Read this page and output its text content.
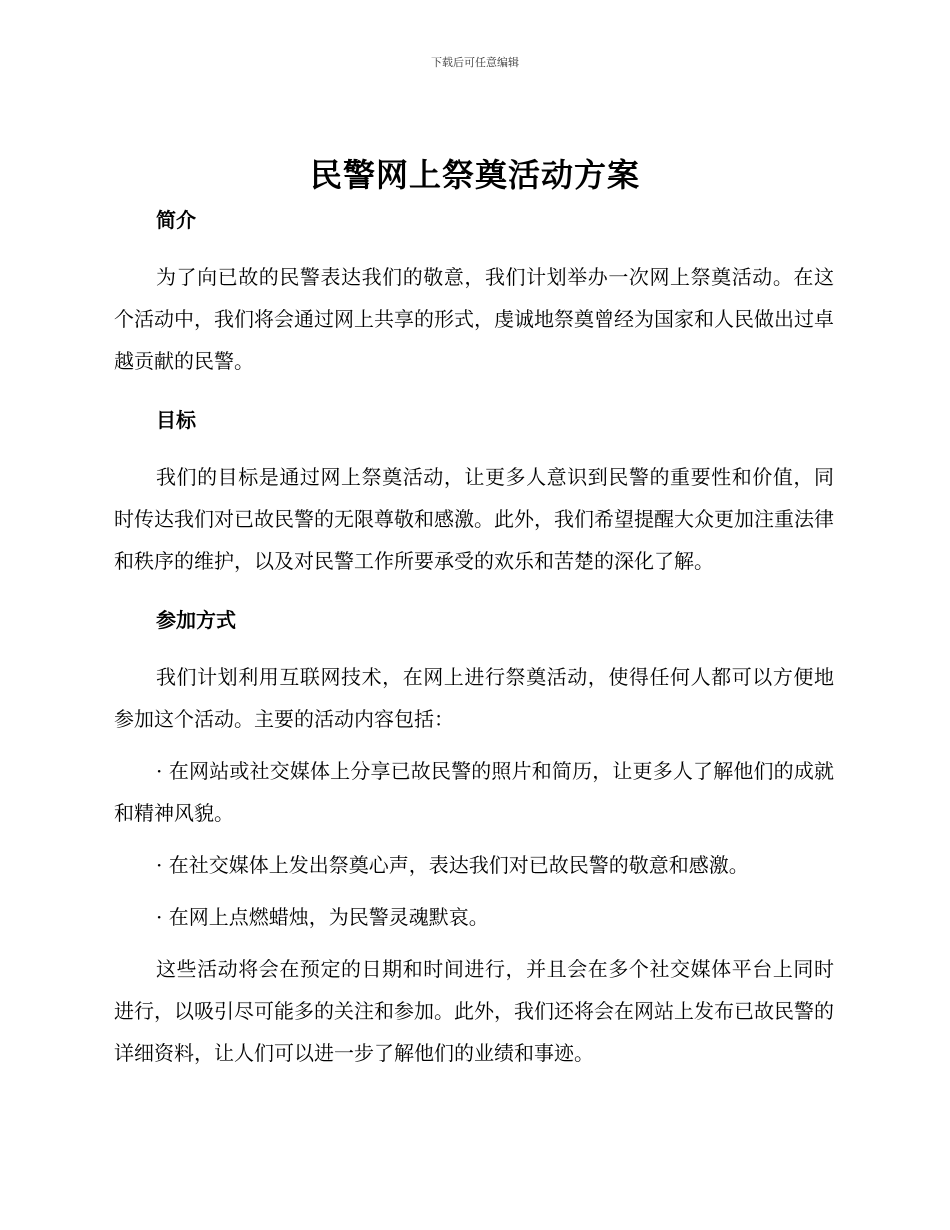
下载后可任意编辑
民警网上祭奠活动方案
简介

为了向已故的民警表达我们的敬意，我们计划举办一次网上祭奠活动。在这个活动中，我们将会通过网上共享的形式，虔诚地祭奠曾经为国家和人民做出过卓越贡献的民警。

目标

我们的目标是通过网上祭奠活动，让更多人意识到民警的重要性和价值，同时传达我们对已故民警的无限尊敬和感激。此外，我们希望提醒大众更加注重法律和秩序的维护，以及对民警工作所要承受的欢乐和苦楚的深化了解。

参加方式

我们计划利用互联网技术，在网上进行祭奠活动，使得任何人都可以方便地参加这个活动。主要的活动内容包括：

· 在网站或社交媒体上分享已故民警的照片和简历，让更多人了解他们的成就和精神风貌。

· 在社交媒体上发出祭奠心声，表达我们对已故民警的敬意和感激。

· 在网上点燃蜡烛，为民警灵魂默哀。

这些活动将会在预定的日期和时间进行，并且会在多个社交媒体平台上同时进行，以吸引尽可能多的关注和参加。此外，我们还将会在网站上发布已故民警的详细资料，让人们可以进一步了解他们的业绩和事迹。
